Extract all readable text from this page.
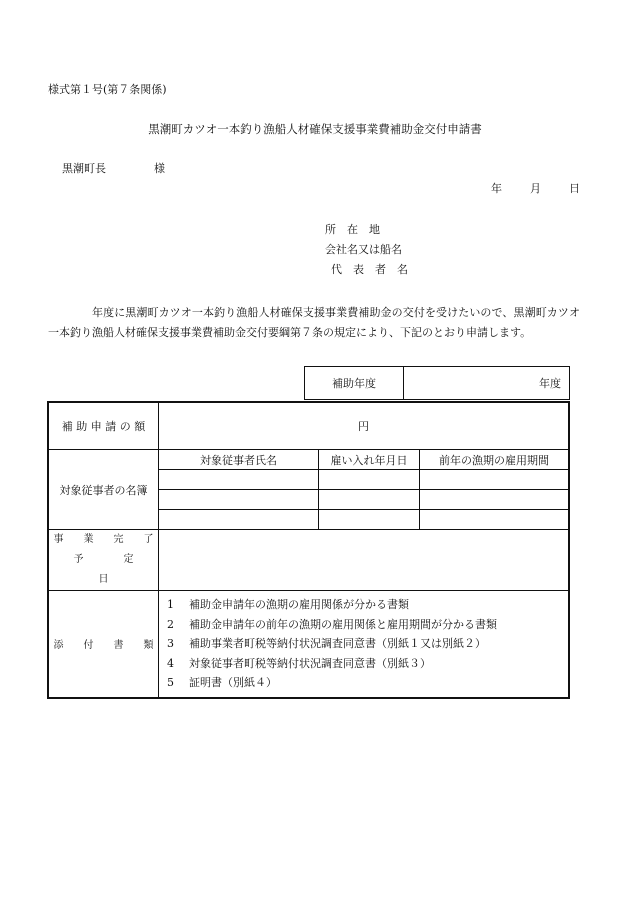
様式第１号(第７条関係)
黒潮町カツオ一本釣り漁船人材確保支援事業費補助金交付申請書
黒潮町長	様
年	月	日
所　在　地
会社名又は船名
代　表　者　名

年度に黒潮町カツオ一本釣り漁船人材確保支援事業費補助金の交付を受けたいので、黒潮町カツオ一本釣り漁船人材確保支援事業費補助金交付要綱第７条の規定により、下記のとおり申請します。

補助年度	年度
補 助 申 請 の 額	円		
対象従事者の名簿	対象従事者氏名	雇い入れ年月日	前年の漁期の雇用期間

事　　業　　完　　了
予　　　　定　　　　日			

添　　付　　書　　類	1 補助金申請年の漁期の雇用関係が分かる書類
2 補助金申請年の前年の漁期の雇用関係と雇用期間が分かる書類
3 補助事業者町税等納付状況調査同意書（別紙１又は別紙２）
4 対象従事者町税等納付状況調査同意書（別紙３）
5 証明書（別紙４）		
